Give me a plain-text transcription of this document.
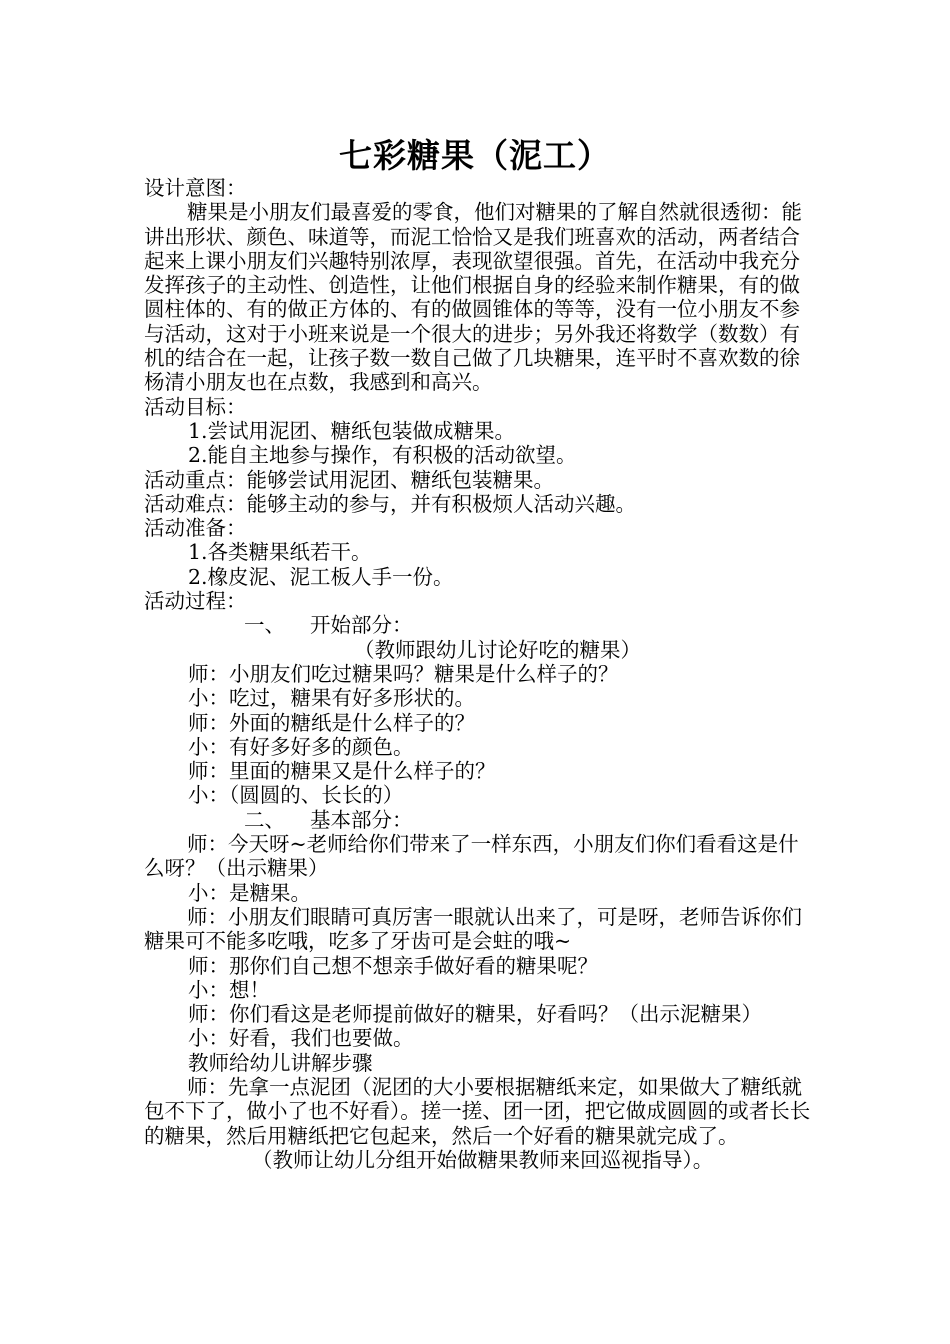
七彩糖果（泥工）

设计意图：

糖果是小朋友们最喜爱的零食，他们对糖果的了解自然就很透彻：能讲出形状、颜色、味道等，而泥工恰恰又是我们班喜欢的活动，两者结合起来上课小朋友们兴趣特别浓厚，表现欲望很强。首先，在活动中我充分发挥孩子的主动性、创造性，让他们根据自身的经验来制作糖果，有的做圆柱体的、有的做正方体的、有的做圆锥体的等等，没有一位小朋友不参与活动，这对于小班来说是一个很大的进步；另外我还将数学（数数）有机的结合在一起，让孩子数一数自己做了几块糖果，连平时不喜欢数的徐杨清小朋友也在点数，我感到和高兴。

活动目标：

1.尝试用泥团、糖纸包装做成糖果。

2.能自主地参与操作，有积极的活动欲望。

活动重点：能够尝试用泥团、糖纸包装糖果。

活动难点：能够主动的参与，并有积极烦人活动兴趣。

活动准备：

1.各类糖果纸若干。

2.橡皮泥、泥工板人手一份。

活动过程：

一、 开始部分：

（教师跟幼儿讨论好吃的糖果）

师：小朋友们吃过糖果吗？糖果是什么样子的？

小：吃过，糖果有好多形状的。

师：外面的糖纸是什么样子的？

小：有好多好多的颜色。

师：里面的糖果又是什么样子的？

小：（圆圆的、长长的）

二、 基本部分：

师：今天呀~老师给你们带来了一样东西，小朋友们你们看看这是什么呀？（出示糖果）

小：是糖果。

师：小朋友们眼睛可真厉害一眼就认出来了，可是呀，老师告诉你们糖果可不能多吃哦，吃多了牙齿可是会蛀的哦~

师：那你们自己想不想亲手做好看的糖果呢？

小：想！

师：你们看这是老师提前做好的糖果，好看吗？（出示泥糖果）

小：好看，我们也要做。

教师给幼儿讲解步骤

师：先拿一点泥团（泥团的大小要根据糖纸来定，如果做大了糖纸就包不下了，做小了也不好看）。搓一搓、团一团，把它做成圆圆的或者长长的糖果，然后用糖纸把它包起来，然后一个好看的糖果就完成了。

（教师让幼儿分组开始做糖果教师来回巡视指导）。
